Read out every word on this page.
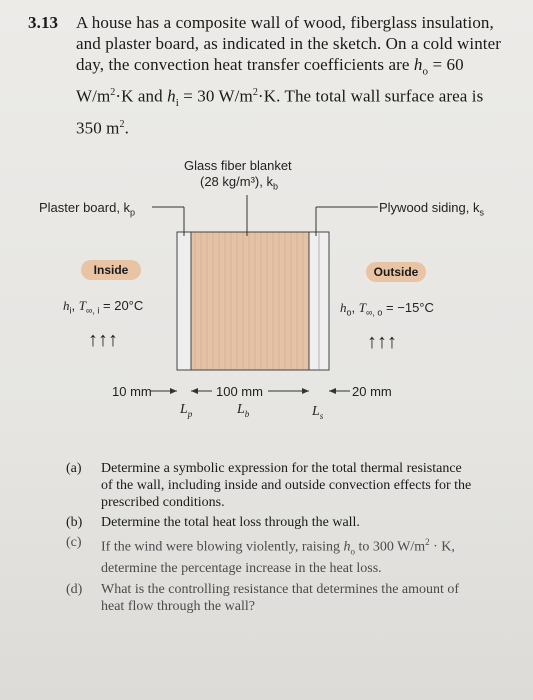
3.13 A house has a composite wall of wood, fiberglass insulation, and plaster board, as indicated in the sketch. On a cold winter day, the convection heat transfer coefficients are $h_o = 60$ $W/m^2\cdot K$ and $h_i = 30$ $W/m^2\cdot K$. The total wall surface area is 350 $m^2$.
Glass fiber blanket
(28 kg/m³), $k_b$
Plaster board, $k_p$	Plywood siding, $k_s$
Inside	Outside
$h_i$, $T_{\infty, i} = 20^\circ C$	$h_o$, $T_{\infty, o} = -15^\circ C$
↑↑↑	↑↑↑
10 mm	100 mm	20 mm
$L_p$	$L_b$	$L_s$
(a) Determine a symbolic expression for the total thermal resistance of the wall, including inside and outside convection effects for the prescribed conditions.
(b) Determine the total heat loss through the wall.
(c) If the wind were blowing violently, raising $h_o$ to 300 $W/m^2 \cdot K$, determine the percentage increase in the heat loss.
(d) What is the controlling resistance that determines the amount of heat flow through the wall?
